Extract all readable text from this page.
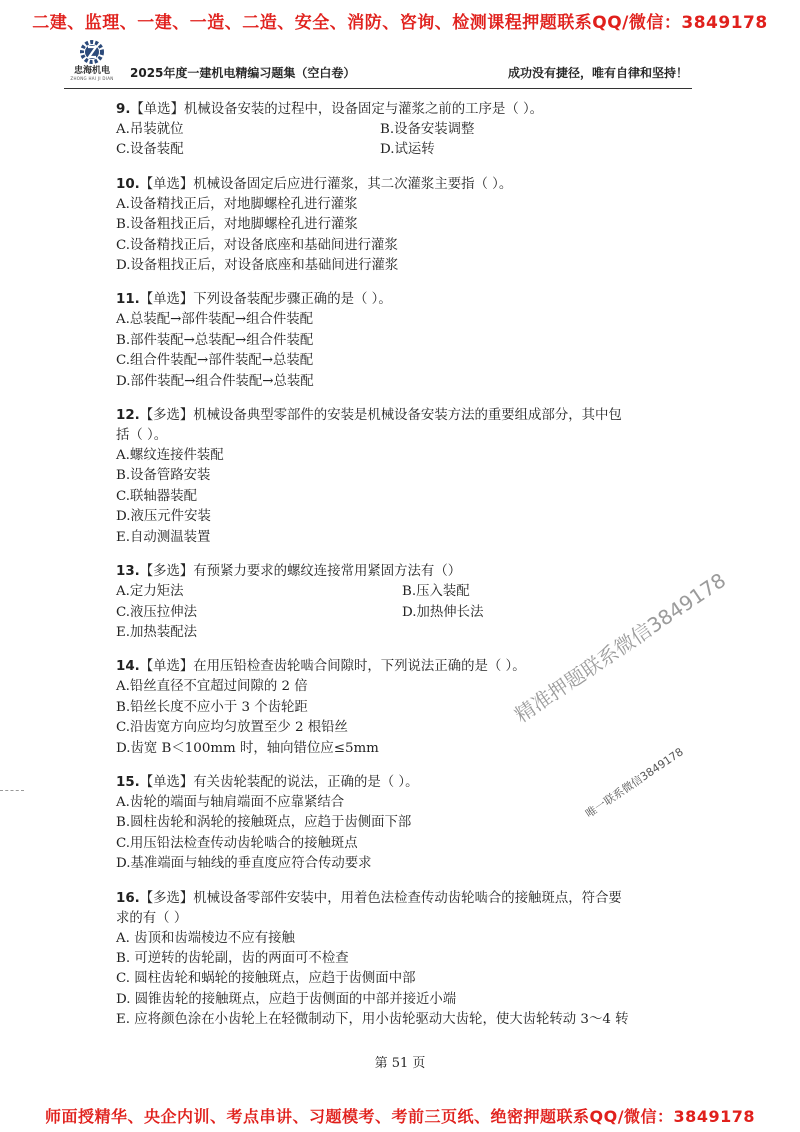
二建、监理、一建、一造、二造、安全、消防、咨询、检测课程押题联系QQ/微信：3849178
忠海机电
ZHONG HAI JI DIAN 2025年度一建机电精编习题集（空白卷）	成功没有捷径，唯有自律和坚持！
9.【单选】机械设备安装的过程中，设备固定与灌浆之前的工序是（ ）。
A.吊装就位	B.设备安装调整
C.设备装配	D.试运转
10.【单选】机械设备固定后应进行灌浆，其二次灌浆主要指（ ）。
A.设备精找正后，对地脚螺栓孔进行灌浆
B.设备粗找正后，对地脚螺栓孔进行灌浆
C.设备精找正后，对设备底座和基础间进行灌浆
D.设备粗找正后，对设备底座和基础间进行灌浆
11.【单选】下列设备装配步骤正确的是（ ）。
A.总装配→部件装配→组合件装配
B.部件装配→总装配→组合件装配
C.组合件装配→部件装配→总装配
D.部件装配→组合件装配→总装配
12.【多选】机械设备典型零部件的安装是机械设备安装方法的重要组成部分，其中包
括（ ）。
A.螺纹连接件装配
B.设备管路安装
C.联轴器装配
D.液压元件安装
E.自动测温装置
13.【多选】有预紧力要求的螺纹连接常用紧固方法有（）
A.定力矩法	B.压入装配
C.液压拉伸法	D.加热伸长法
E.加热装配法
14.【单选】在用压铅检查齿轮啮合间隙时，下列说法正确的是（ ）。
A.铅丝直径不宜超过间隙的 2 倍
B.铅丝长度不应小于 3 个齿轮距
C.沿齿宽方向应均匀放置至少 2 根铅丝
D.齿宽 B＜100mm 时，轴向错位应≤5mm
15.【单选】有关齿轮装配的说法，正确的是（ ）。
A.齿轮的端面与轴肩端面不应靠紧结合
B.圆柱齿轮和涡轮的接触斑点，应趋于齿侧面下部
C.用压铅法检查传动齿轮啮合的接触斑点
D.基准端面与轴线的垂直度应符合传动要求
16.【多选】机械设备零部件安装中，用着色法检查传动齿轮啮合的接触斑点，符合要
求的有（ ）
A. 齿顶和齿端棱边不应有接触
B. 可逆转的齿轮副，齿的两面可不检查
C. 圆柱齿轮和蜗轮的接触斑点，应趋于齿侧面中部
D. 圆锥齿轮的接触斑点，应趋于齿侧面的中部并接近小端
E. 应将颜色涂在小齿轮上在轻微制动下，用小齿轮驱动大齿轮，使大齿轮转动 3～4 转
精准押题联系微信3849178
唯一联系微信3849178
第 51 页
师面授精华、央企内训、考点串讲、习题模考、考前三页纸、绝密押题联系QQ/微信：3849178
